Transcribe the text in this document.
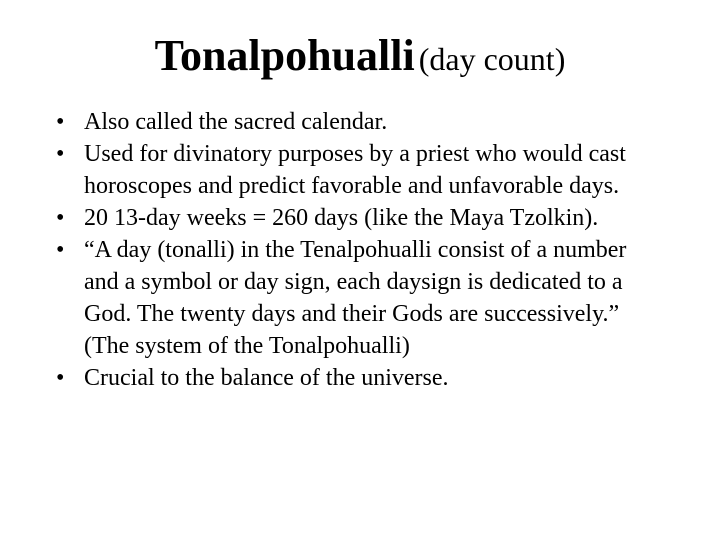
Tonalpohualli (day count)
• Also called the sacred calendar.
• Used for divinatory purposes by a priest who would cast horoscopes and predict favorable and unfavorable days.
• 20 13-day weeks = 260 days (like the Maya Tzolkin).
• “A day (tonalli) in the Tenalpohualli consist of a number and a symbol or day sign, each daysign is dedicated to a God. The twenty days and their Gods are successively.” (The system of the Tonalpohualli)
• Crucial to the balance of the universe.
